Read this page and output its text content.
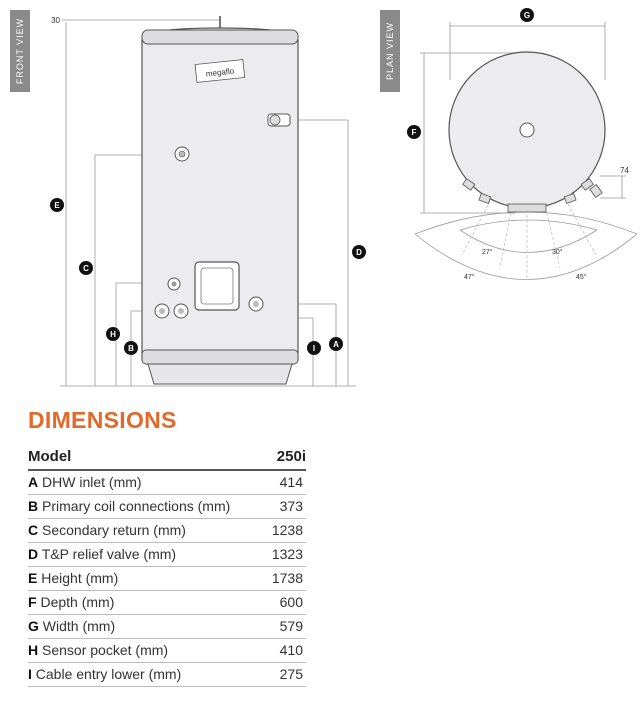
FRONT VIEW	PLAN VIEW
megaflo
30
E
C
H
B
D
A
I
74
27°	30°
47°	45°
G
F
DIMENSIONS
Model	250i
A DHW inlet (mm)	414
B Primary coil connections (mm)	373
C Secondary return (mm)	1238
D T&P relief valve (mm)	1323
E Height (mm)	1738
F Depth (mm)	600
G Width (mm)	579
H Sensor pocket (mm)	410
I Cable entry lower (mm)	275
